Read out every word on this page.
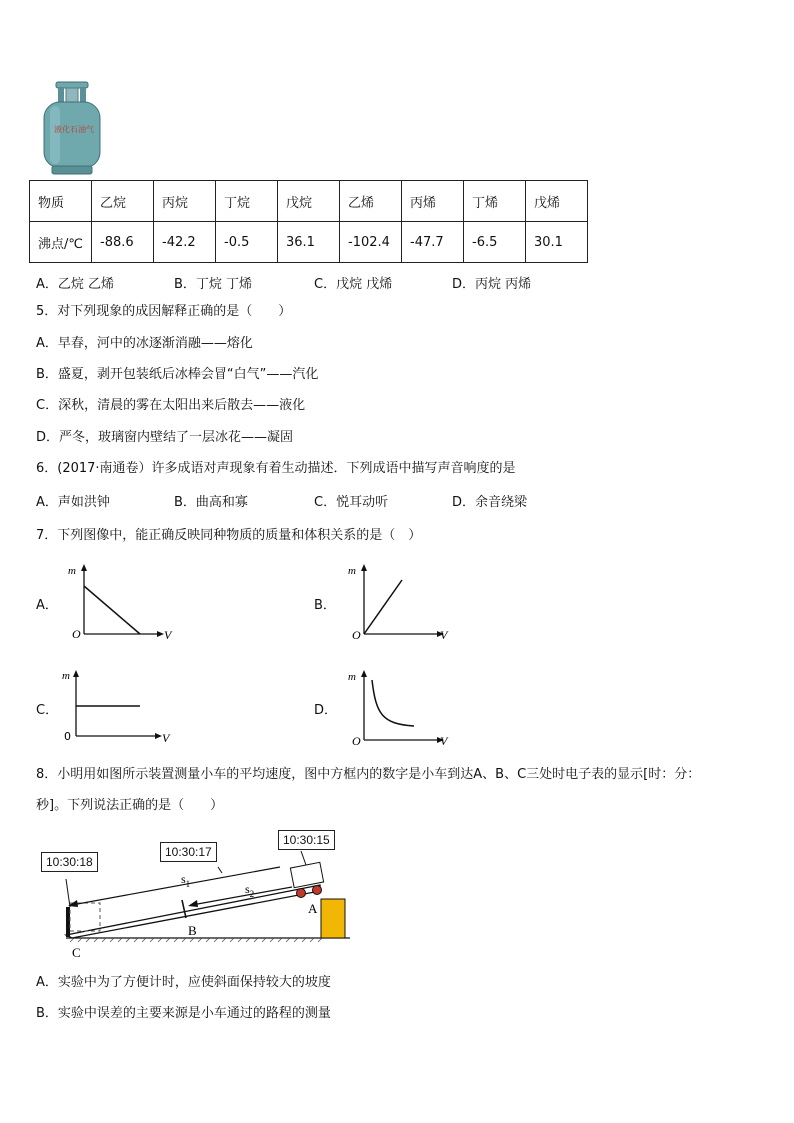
液化石油气
物质	乙烷	丙烷	丁烷	戊烷	乙烯	丙烯	丁烯	戊烯
沸点/℃	-88.6	-42.2	-0.5	36.1	-102.4	-47.7	-6.5	30.1
A．乙烷 乙烯	B．丁烷 丁烯	C．戊烷 戊烯	D．丙烷 丙烯
5．对下列现象的成因解释正确的是（　　）
A．早春，河中的冰逐渐消融——熔化
B．盛夏，剥开包装纸后冰棒会冒“白气”——汽化
C．深秋，清晨的雾在太阳出来后散去——液化
D．严冬，玻璃窗内壁结了一层冰花——凝固
6．(2017·南通卷）许多成语对声现象有着生动描述．下列成语中描写声音响度的是
A．声如洪钟	B．曲高和寡	C．悦耳动听	D．余音绕梁
7．下列图像中，能正确反映同种物质的质量和体积关系的是（　）
A．
m
O	V
B．
m
O	V
C．
m
0	V
D．
m
O	V
8．小明用如图所示装置测量小车的平均速度，图中方框内的数字是小车到达A、B、C三处时电子表的显示[时：分：
秒]。下列说法正确的是（　　）
$s_1$	$s_2$
A
B
C
10:30:15
10:30:17
10:30:18
A．实验中为了方便计时，应使斜面保持较大的坡度
B．实验中误差的主要来源是小车通过的路程的测量
